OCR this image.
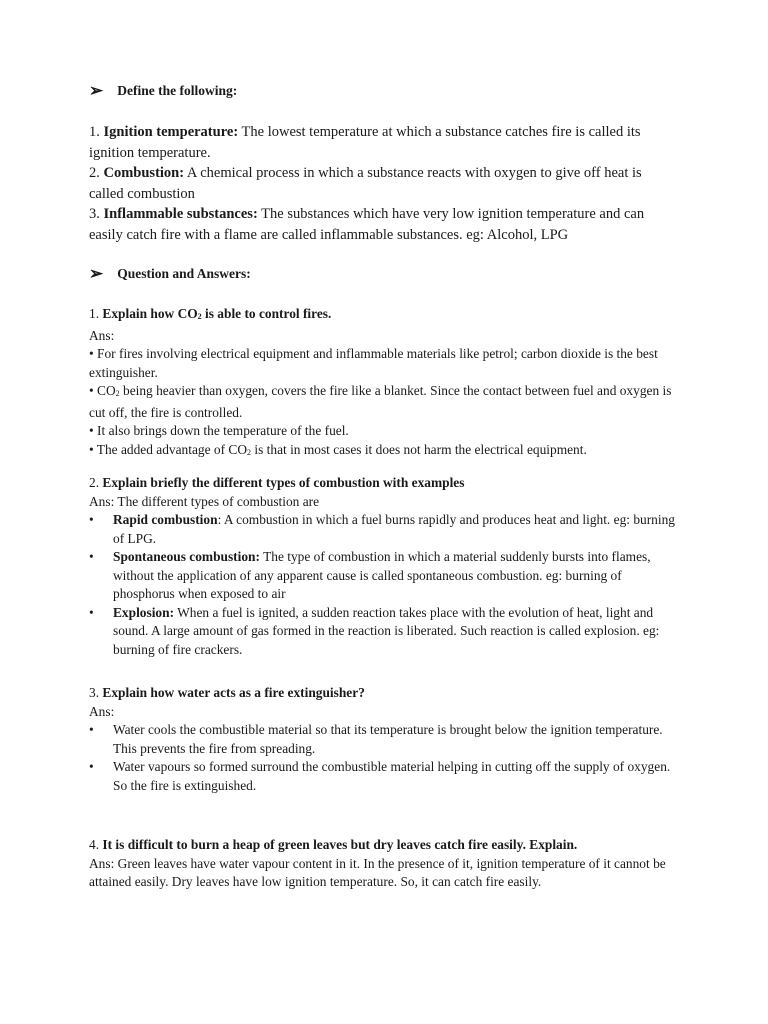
➢ Define the following:
1. Ignition temperature: The lowest temperature at which a substance catches fire is called its ignition temperature.
2. Combustion: A chemical process in which a substance reacts with oxygen to give off heat is called combustion
3. Inflammable substances: The substances which have very low ignition temperature and can easily catch fire with a flame are called inflammable substances. eg: Alcohol, LPG
➢ Question and Answers:
1. Explain how $CO_2$ is able to control fires.
Ans:
• For fires involving electrical equipment and inflammable materials like petrol; carbon dioxide is the best extinguisher.
• $CO_2$ being heavier than oxygen, covers the fire like a blanket. Since the contact between fuel and oxygen is cut off, the fire is controlled.
• It also brings down the temperature of the fuel.
• The added advantage of $CO_2$ is that in most cases it does not harm the electrical equipment.
2. Explain briefly the different types of combustion with examples
Ans: The different types of combustion are
• Rapid combustion: A combustion in which a fuel burns rapidly and produces heat and light. eg: burning of LPG.
• Spontaneous combustion: The type of combustion in which a material suddenly bursts into flames, without the application of any apparent cause is called spontaneous combustion. eg: burning of phosphorus when exposed to air
• Explosion: When a fuel is ignited, a sudden reaction takes place with the evolution of heat, light and sound. A large amount of gas formed in the reaction is liberated. Such reaction is called explosion. eg: burning of fire crackers.
3. Explain how water acts as a fire extinguisher?
Ans:
• Water cools the combustible material so that its temperature is brought below the ignition temperature. This prevents the fire from spreading.
• Water vapours so formed surround the combustible material helping in cutting off the supply of oxygen. So the fire is extinguished.
4. It is difficult to burn a heap of green leaves but dry leaves catch fire easily. Explain.
Ans: Green leaves have water vapour content in it. In the presence of it, ignition temperature of it cannot be attained easily. Dry leaves have low ignition temperature. So, it can catch fire easily.
